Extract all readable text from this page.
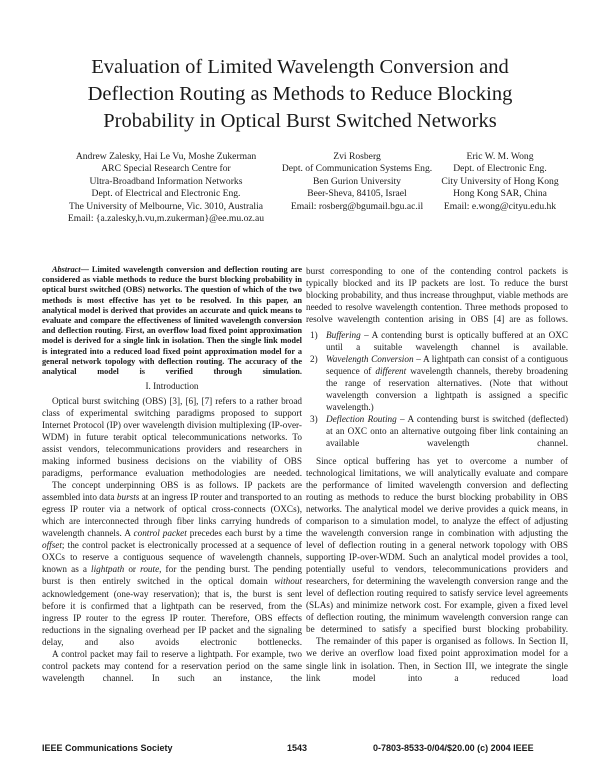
Evaluation of Limited Wavelength Conversion and
Deflection Routing as Methods to Reduce Blocking
Probability in Optical Burst Switched Networks
Andrew Zalesky, Hai Le Vu, Moshe Zukerman
ARC Special Research Centre for
Ultra-Broadband Information Networks
Dept. of Electrical and Electronic Eng.
The University of Melbourne, Vic. 3010, Australia
Email: {a.zalesky,h.vu,m.zukerman}@ee.mu.oz.au
Zvi Rosberg
Dept. of Communication Systems Eng.
Ben Gurion University
Beer-Sheva, 84105, Israel
Email: rosberg@bgumail.bgu.ac.il
Eric W. M. Wong
Dept. of Electronic Eng.
City University of Hong Kong
Hong Kong SAR, China
Email: e.wong@cityu.edu.hk

Abstract— Limited wavelength conversion and deflection routing are considered as viable methods to reduce the burst blocking probability in optical burst switched (OBS) networks. The question of which of the two methods is most effective has yet to be resolved. In this paper, an analytical model is derived that provides an accurate and quick means to evaluate and compare the effectiveness of limited wavelength conversion and deflection routing. First, an overflow load fixed point approximation model is derived for a single link in isolation. Then the single link model is integrated into a reduced load fixed point approximation model for a general network topology with deflection routing. The accuracy of the analytical model is verified through simulation.

I. Introduction

Optical burst switching (OBS) [3], [6], [7] refers to a rather broad class of experimental switching paradigms proposed to support Internet Protocol (IP) over wavelength division multiplexing (IP-over-WDM) in future terabit optical telecommunications networks. To assist vendors, telecommunications providers and researchers in making informed business decisions on the viability of OBS paradigms, performance evaluation methodologies are needed.

The concept underpinning OBS is as follows. IP packets are assembled into data bursts at an ingress IP router and transported to an egress IP router via a network of optical cross-connects (OXCs), which are interconnected through fiber links carrying hundreds of wavelength channels. A control packet precedes each burst by a time offset; the control packet is electronically processed at a sequence of OXCs to reserve a contiguous sequence of wavelength channels, known as a lightpath or route, for the pending burst. The pending burst is then entirely switched in the optical domain without acknowledgement (one-way reservation); that is, the burst is sent before it is confirmed that a lightpath can be reserved, from the ingress IP router to the egress IP router. Therefore, OBS effects reductions in the signaling overhead per IP packet and the signaling delay, and also avoids electronic bottlenecks.

A control packet may fail to reserve a lightpath. For example, two control packets may contend for a reservation period on the same wavelength channel. In such an instance, the

burst corresponding to one of the contending control packets is typically blocked and its IP packets are lost. To reduce the burst blocking probability, and thus increase throughput, viable methods are needed to resolve wavelength contention. Three methods proposed to resolve wavelength contention arising in OBS [4] are as follows.

1) Buffering – A contending burst is optically buffered at an OXC until a suitable wavelength channel is available.
2) Wavelength Conversion – A lightpath can consist of a contiguous sequence of different wavelength channels, thereby broadening the range of reservation alternatives. (Note that without wavelength conversion a lightpath is assigned a specific wavelength.)
3) Deflection Routing – A contending burst is switched (deflected) at an OXC onto an alternative outgoing fiber link containing an available wavelength channel.

Since optical buffering has yet to overcome a number of technological limitations, we will analytically evaluate and compare the performance of limited wavelength conversion and deflecting routing as methods to reduce the burst blocking probability in OBS networks. The analytical model we derive provides a quick means, in comparison to a simulation model, to analyze the effect of adjusting the wavelength conversion range in combination with adjusting the level of deflection routing in a general network topology with OBS supporting IP-over-WDM. Such an analytical model provides a tool, potentially useful to vendors, telecommunications providers and researchers, for determining the wavelength conversion range and the level of deflection routing required to satisfy service level agreements (SLAs) and minimize network cost. For example, given a fixed level of deflection routing, the minimum wavelength conversion range can be determined to satisfy a specified burst blocking probability.

The remainder of this paper is organised as follows. In Section II, we derive an overflow load fixed point approximation model for a single link in isolation. Then, in Section III, we integrate the single link model into a reduced load

IEEE Communications Society	1543	0-7803-8533-0/04/$20.00 (c) 2004 IEEE
